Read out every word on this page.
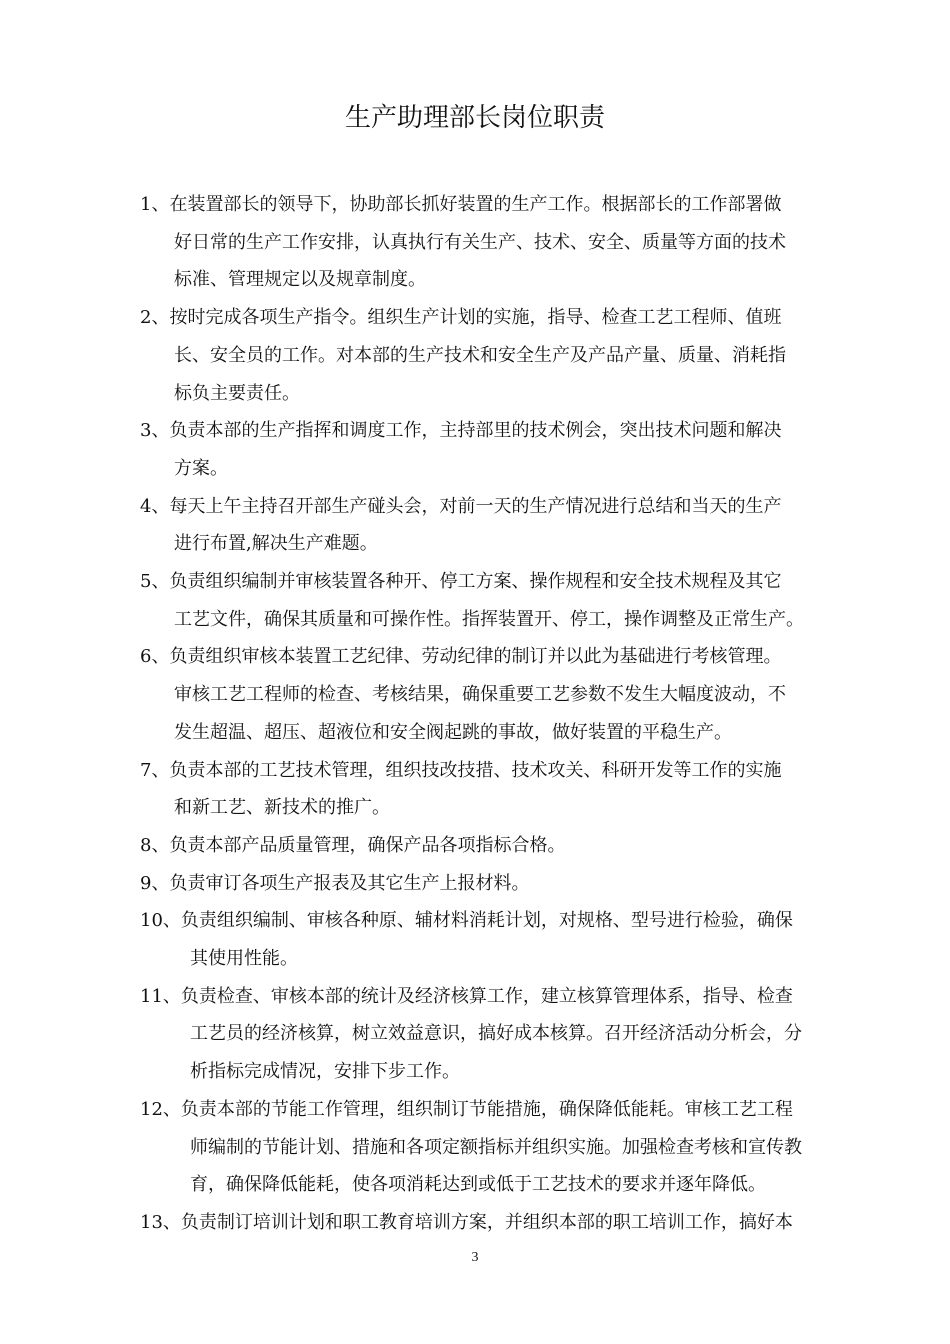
生产助理部长岗位职责

1、在装置部长的领导下，协助部长抓好装置的生产工作。根据部长的工作部署做
好日常的生产工作安排，认真执行有关生产、技术、安全、质量等方面的技术
标准、管理规定以及规章制度。

2、按时完成各项生产指令。组织生产计划的实施，指导、检查工艺工程师、值班
长、安全员的工作。对本部的生产技术和安全生产及产品产量、质量、消耗指
标负主要责任。

3、负责本部的生产指挥和调度工作，主持部里的技术例会，突出技术问题和解决
方案。

4、每天上午主持召开部生产碰头会，对前一天的生产情况进行总结和当天的生产
进行布置,解决生产难题。

5、负责组织编制并审核装置各种开、停工方案、操作规程和安全技术规程及其它
工艺文件，确保其质量和可操作性。指挥装置开、停工，操作调整及正常生产。

6、负责组织审核本装置工艺纪律、劳动纪律的制订并以此为基础进行考核管理。
审核工艺工程师的检查、考核结果，确保重要工艺参数不发生大幅度波动，不
发生超温、超压、超液位和安全阀起跳的事故，做好装置的平稳生产。

7、负责本部的工艺技术管理，组织技改技措、技术攻关、科研开发等工作的实施
和新工艺、新技术的推广。

8、负责本部产品质量管理，确保产品各项指标合格。

9、负责审订各项生产报表及其它生产上报材料。

10、负责组织编制、审核各种原、辅材料消耗计划，对规格、型号进行检验，确保
其使用性能。

11、负责检查、审核本部的统计及经济核算工作，建立核算管理体系，指导、检查
工艺员的经济核算，树立效益意识，搞好成本核算。召开经济活动分析会，分
析指标完成情况，安排下步工作。

12、负责本部的节能工作管理，组织制订节能措施，确保降低能耗。审核工艺工程
师编制的节能计划、措施和各项定额指标并组织实施。加强检查考核和宣传教
育，确保降低能耗，使各项消耗达到或低于工艺技术的要求并逐年降低。

13、负责制订培训计划和职工教育培训方案，并组织本部的职工培训工作，搞好本

3
